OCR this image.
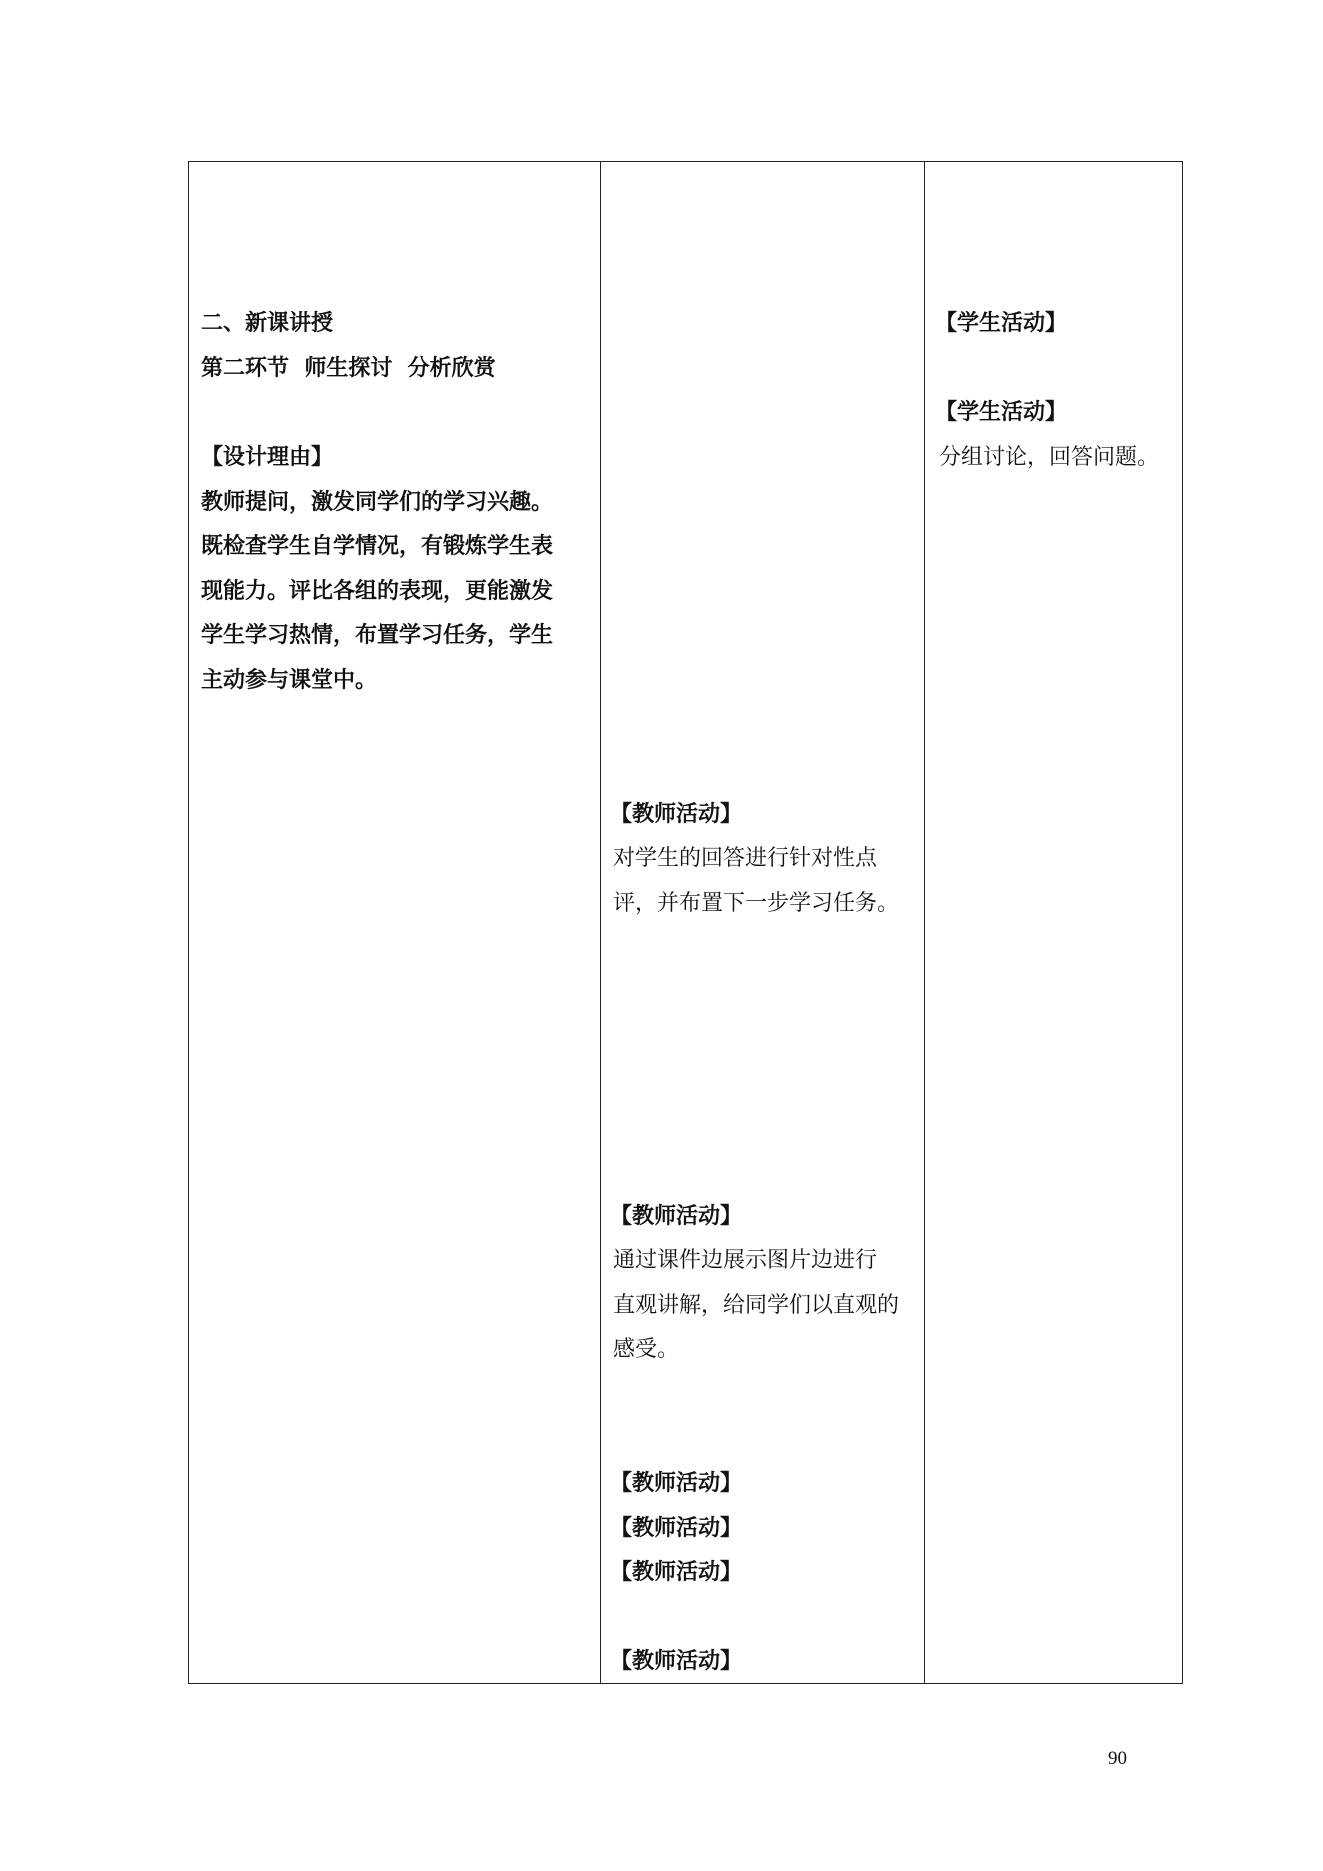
二、新课讲授
第二环节  师生探讨  分析欣赏
【设计理由】
教师提问，激发同学们的学习兴趣。
既检查学生自学情况，有锻炼学生表
现能力。评比各组的表现，更能激发
学生学习热情，布置学习任务，学生
主动参与课堂中。
【教师活动】
对学生的回答进行针对性点
评，并布置下一步学习任务。
【教师活动】
通过课件边展示图片边进行
直观讲解，给同学们以直观的
感受。
【教师活动】
【教师活动】
【教师活动】
【教师活动】
【学生活动】
【学生活动】
分组讨论，回答问题。
90
